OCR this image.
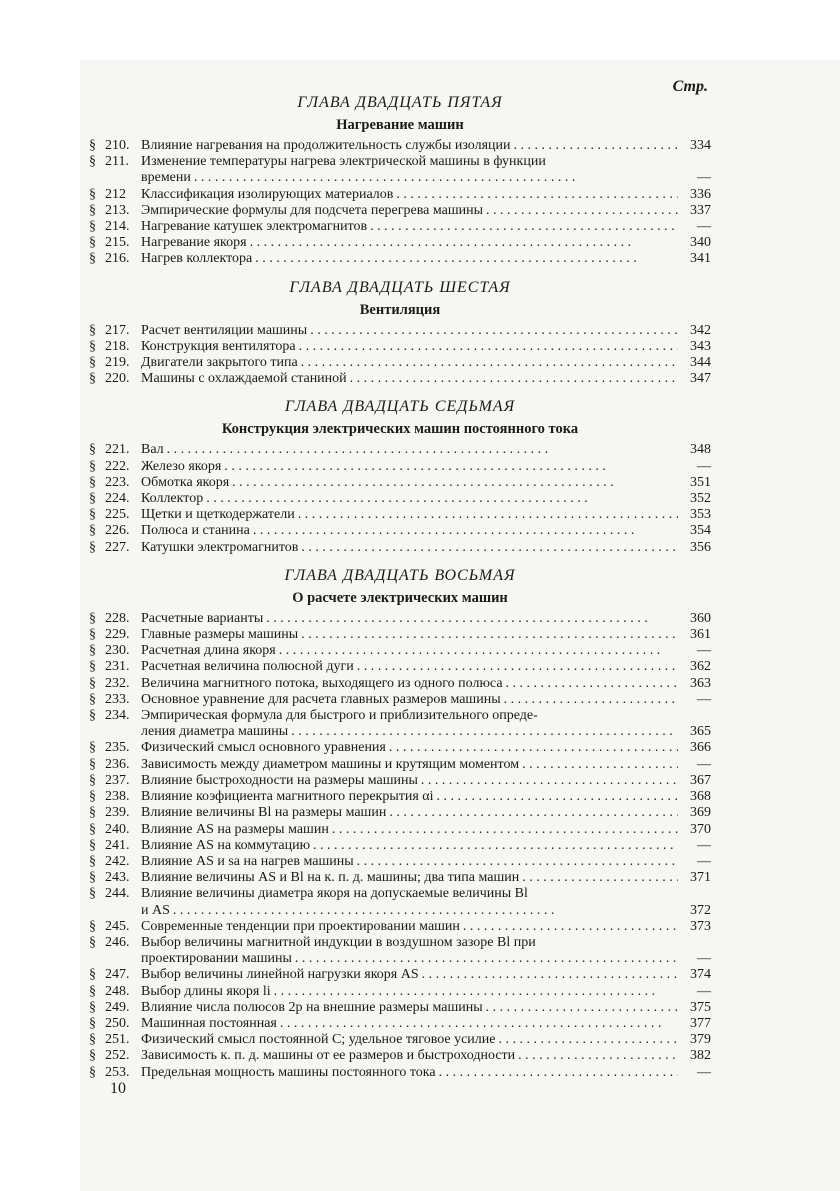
Стр.
ГЛАВА ДВАДЦАТЬ ПЯТАЯ
Нагревание машин
§ 210. Влияние нагревания на продолжительность службы изоляции . . .	334
§ 211. Изменение температуры нагрева электрической машины в функции
времени . . .	—
§ 212	Классификация изолирующих материалов . . .	336
§ 213. Эмпирические формулы для подсчета перегрева машины . . .	337
§ 214. Нагревание катушек электромагнитов . . .	—
§ 215. Нагревание якоря . . .	340
§ 216. Нагрев коллектора . . .	341
ГЛАВА ДВАДЦАТЬ ШЕСТАЯ
Вентиляция
§ 217. Расчет вентиляции машины . . .	342
§ 218. Конструкция вентилятора . . .	343
§ 219. Двигатели закрытого типа . . .	344
§ 220. Машины с охлаждаемой станиной . . .	347
ГЛАВА ДВАДЦАТЬ СЕДЬМАЯ
Конструкция электрических машин постоянного тока
§ 221. Вал . . .	348
§ 222. Железо якоря . . .	—
§ 223. Обмотка якоря . . .	351
§ 224. Коллектор . . .	352
§ 225. Щетки и щеткодержатели . . .	353
§ 226. Полюса и станина . . .	354
§ 227. Катушки электромагнитов . . .	356
ГЛАВА ДВАДЦАТЬ ВОСЬМАЯ
О расчете электрических машин
§ 228. Расчетные варианты . . .	360
§ 229. Главные размеры машины . . .	361
§ 230. Расчетная длина якоря . . .	—
§ 231. Расчетная величина полюсной дуги . . .	362
§ 232. Величина магнитного потока, выходящего из одного полюса . . .	363
§ 233. Основное уравнение для расчета главных размеров машины . . .	—
§ 234. Эмпирическая формула для быстрого и приблизительного опреде-
ления диаметра машины . . .	365
§ 235. Физический смысл основного уравнения . . .	366
§ 236. Зависимость между диаметром машины и крутящим моментом . . .	—
§ 237. Влияние быстроходности на размеры машины . . .	367
§ 238. Влияние коэфициента магнитного перекрытия αi . . .	368
§ 239. Влияние величины Bl на размеры машин . . .	369
§ 240. Влияние AS на размеры машин . . .	370
§ 241. Влияние AS на коммутацию . . .	—
§ 242. Влияние AS и sa на нагрев машины . . .	—
§ 243. Влияние величины AS и Bl на к. п. д. машины; два типа машин . . .	371
§ 244. Влияние величины диаметра якоря на допускаемые величины Bl
и AS . . .	372
§ 245. Современные тенденции при проектировании машин . . .	373
§ 246. Выбор величины магнитной индукции в воздушном зазоре Bl при
проектировании машины . . .	—
§ 247. Выбор величины линейной нагрузки якоря AS . . .	374
§ 248. Выбор длины якоря li . . .	—
§ 249. Влияние числа полюсов 2p на внешние размеры машины . . .	375
§ 250. Машинная постоянная . . .	377
§ 251. Физический смысл постоянной C; удельное тяговое усилие . . .	379
§ 252. Зависимость к. п. д. машины от ее размеров и быстроходности . . .	382
§ 253. Предельная мощность машины постоянного тока . . .	—
10
